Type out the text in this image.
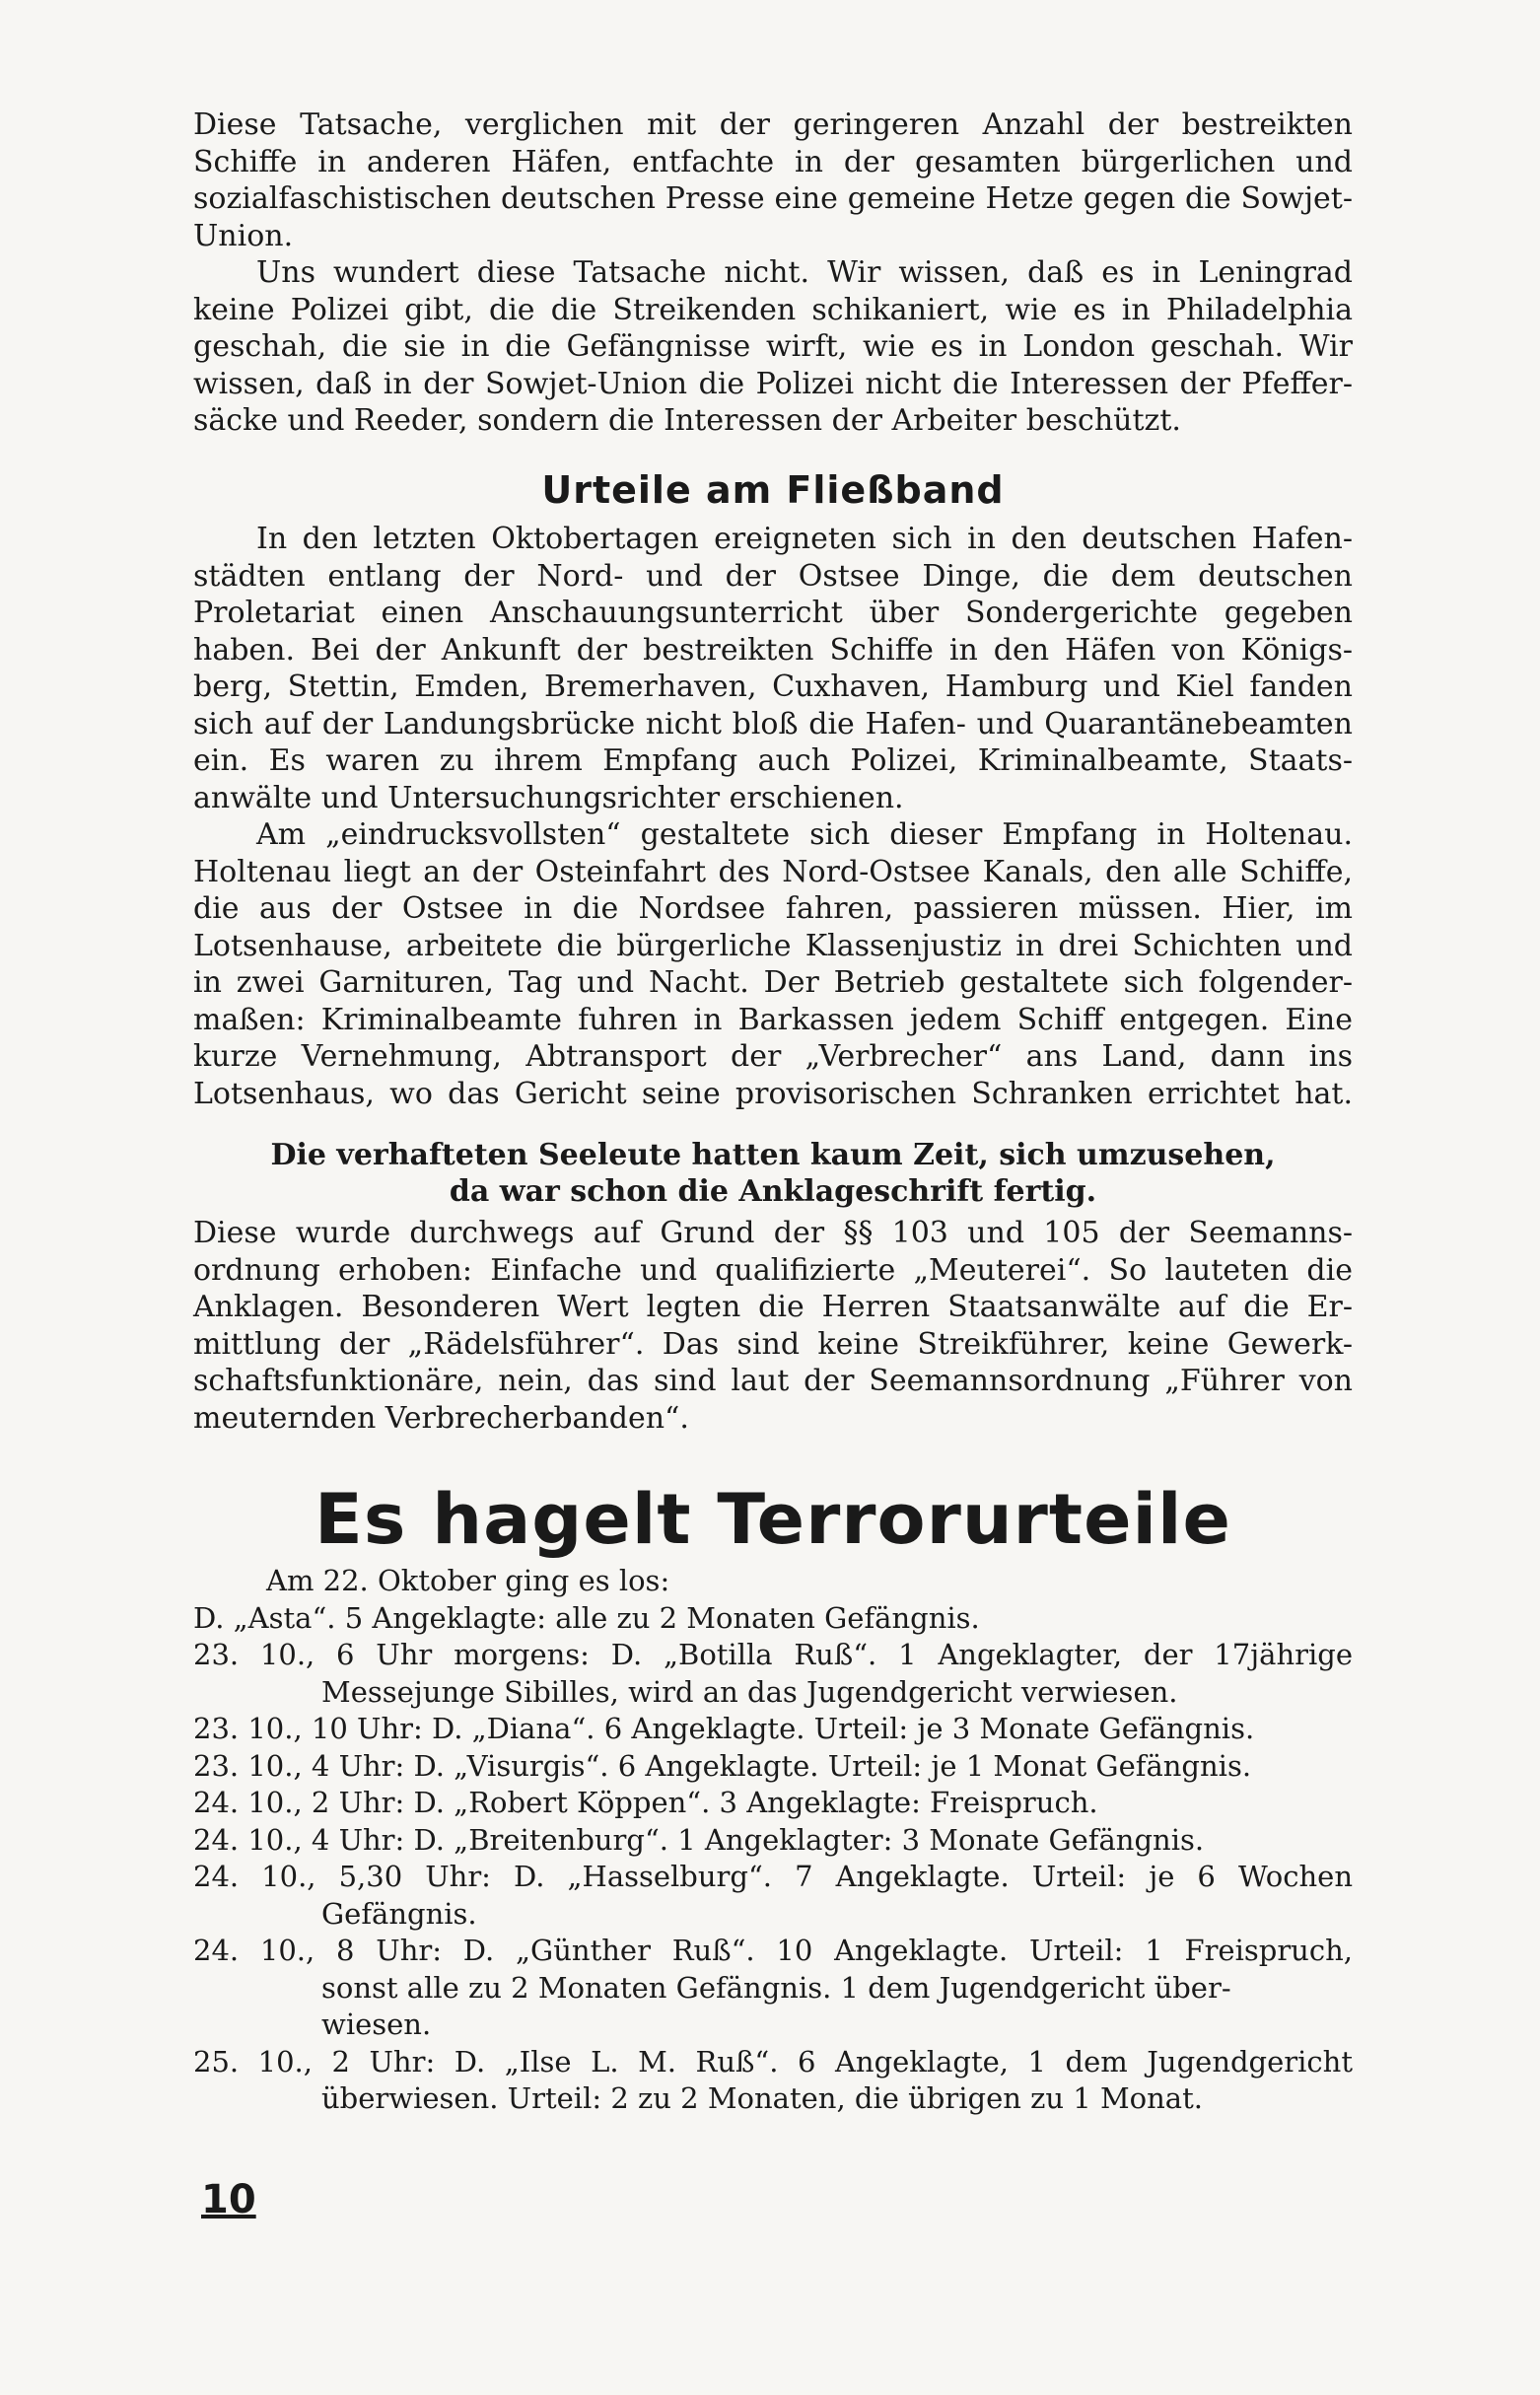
Diese Tatsache, verglichen mit der geringeren Anzahl der bestreikten

Schiffe in anderen Häfen, entfachte in der gesamten bürgerlichen und

sozialfaschistischen deutschen Presse eine gemeine Hetze gegen die Sowjet-

Union.

Uns wundert diese Tatsache nicht. Wir wissen, daß es in Leningrad

keine Polizei gibt, die die Streikenden schikaniert, wie es in Philadelphia

geschah, die sie in die Gefängnisse wirft, wie es in London geschah. Wir

wissen, daß in der Sowjet-Union die Polizei nicht die Interessen der Pfeffer-

säcke und Reeder, sondern die Interessen der Arbeiter beschützt.

Urteile am Fließband

In den letzten Oktobertagen ereigneten sich in den deutschen Hafen-

städten entlang der Nord- und der Ostsee Dinge, die dem deutschen

Proletariat einen Anschauungsunterricht über Sondergerichte gegeben

haben. Bei der Ankunft der bestreikten Schiffe in den Häfen von Königs-

berg, Stettin, Emden, Bremerhaven, Cuxhaven, Hamburg und Kiel fanden

sich auf der Landungsbrücke nicht bloß die Hafen- und Quarantänebeamten

ein. Es waren zu ihrem Empfang auch Polizei, Kriminalbeamte, Staats-

anwälte und Untersuchungsrichter erschienen.

Am „eindrucksvollsten“ gestaltete sich dieser Empfang in Holtenau.

Holtenau liegt an der Osteinfahrt des Nord-Ostsee Kanals, den alle Schiffe,

die aus der Ostsee in die Nordsee fahren, passieren müssen. Hier, im

Lotsenhause, arbeitete die bürgerliche Klassenjustiz in drei Schichten und

in zwei Garnituren, Tag und Nacht. Der Betrieb gestaltete sich folgender-

maßen: Kriminalbeamte fuhren in Barkassen jedem Schiff entgegen. Eine

kurze Vernehmung, Abtransport der „Verbrecher“ ans Land, dann ins

Lotsenhaus, wo das Gericht seine provisorischen Schranken errichtet hat.

Die verhafteten Seeleute hatten kaum Zeit, sich umzusehen,

da war schon die Anklageschrift fertig.

Diese wurde durchwegs auf Grund der §§ 103 und 105 der Seemanns-

ordnung erhoben: Einfache und qualifizierte „Meuterei“. So lauteten die

Anklagen. Besonderen Wert legten die Herren Staatsanwälte auf die Er-

mittlung der „Rädelsführer“. Das sind keine Streikführer, keine Gewerk-

schaftsfunktionäre, nein, das sind laut der Seemannsordnung „Führer von

meuternden Verbrecherbanden“.

Es hagelt Terrorurteile

Am 22. Oktober ging es los:

D. „Asta“. 5 Angeklagte: alle zu 2 Monaten Gefängnis.

23. 10., 6 Uhr morgens: D. „Botilla Ruß“. 1 Angeklagter, der 17jährige

Messejunge Sibilles, wird an das Jugendgericht verwiesen.

23. 10., 10 Uhr: D. „Diana“. 6 Angeklagte. Urteil: je 3 Monate Gefängnis.

23. 10., 4 Uhr: D. „Visurgis“. 6 Angeklagte. Urteil: je 1 Monat Gefängnis.

24. 10., 2 Uhr: D. „Robert Köppen“. 3 Angeklagte: Freispruch.

24. 10., 4 Uhr: D. „Breitenburg“. 1 Angeklagter: 3 Monate Gefängnis.

24. 10., 5,30 Uhr: D. „Hasselburg“. 7 Angeklagte. Urteil: je 6 Wochen

Gefängnis.

24. 10., 8 Uhr: D. „Günther Ruß“. 10 Angeklagte. Urteil: 1 Freispruch,

sonst alle zu 2 Monaten Gefängnis. 1 dem Jugendgericht über-

wiesen.

25. 10., 2 Uhr: D. „Ilse L. M. Ruß“. 6 Angeklagte, 1 dem Jugendgericht

überwiesen. Urteil: 2 zu 2 Monaten, die übrigen zu 1 Monat.

10
